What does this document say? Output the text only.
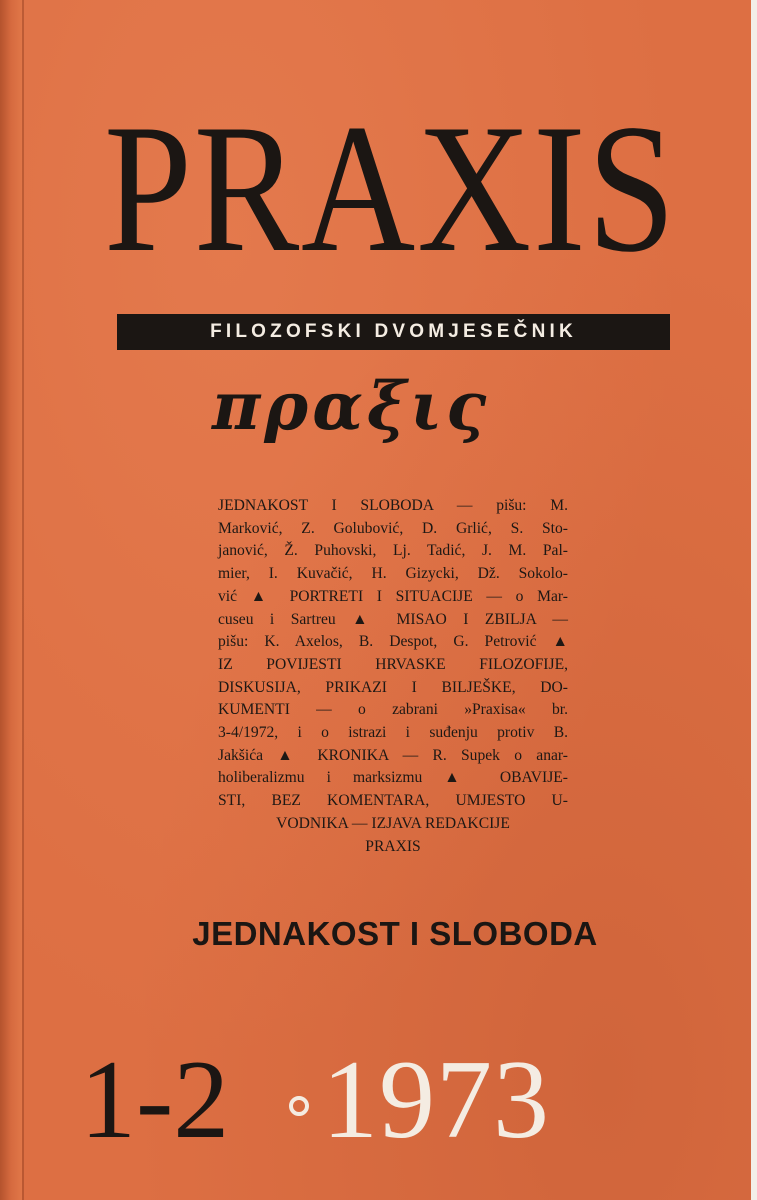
PRAXIS
FILOZOFSKI DVOMJESEČNIK
πραξις
JEDNAKOST I SLOBODA — pišu: M.
Marković, Z. Golubović, D. Grlić, S. Sto-
janović, Ž. Puhovski, Lj. Tadić, J. M. Pal-
mier, I. Kuvačić, H. Gizycki, Dž. Sokolo-
vić ▲ PORTRETI I SITUACIJE — o Mar-
cuseu i Sartreu ▲ MISAO I ZBILJA —
pišu: K. Axelos, B. Despot, G. Petrović ▲
IZ POVIJESTI HRVASKE FILOZOFIJE,
DISKUSIJA, PRIKAZI I BILJEŠKE, DO-
KUMENTI — o zabrani »Praxisa« br.
3-4/1972, i o istrazi i suđenju protiv B.
Jakšića ▲ KRONIKA — R. Supek o anar-
holiberalizmu i marksizmu ▲ OBAVIJE-
STI, BEZ KOMENTARA, UMJESTO U-
VODNIKA — IZJAVA REDAKCIJE
PRAXIS
JEDNAKOST I SLOBODA
1-2 1973
